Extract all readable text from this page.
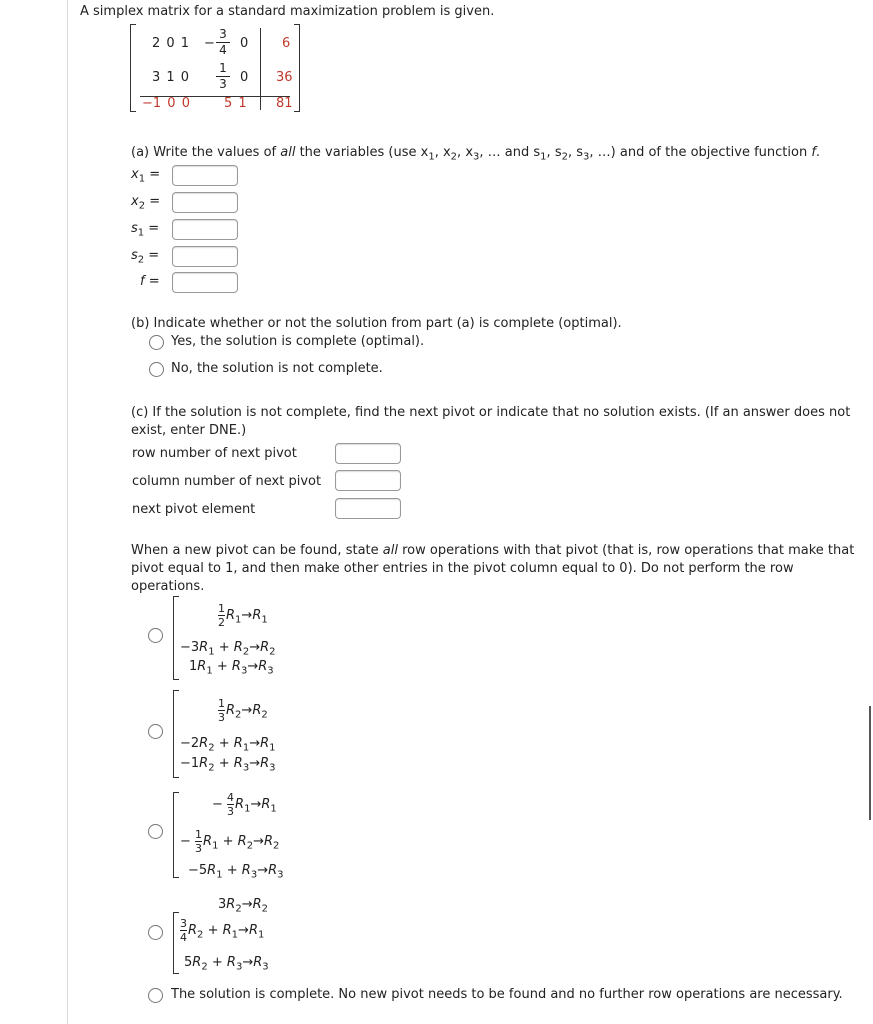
A simplex matrix for a standard maximization problem is given.
2 0 1 −
3
4 0	6
3 1 0
1
3 0 36
−1 0 0	5 1 81
(a) Write the values of all the variables (use $x_1$, $x_2$, $x_3$, … and $s_1$, $s_2$, $s_3$, …) and of the objective function f.
$x_1$ =
$x_2$ =
$s_1$ =
$s_2$ =
f =
(b) Indicate whether or not the solution from part (a) is complete (optimal).
Yes, the solution is complete (optimal).
No, the solution is not complete.
(c) If the solution is not complete, find the next pivot or indicate that no solution exists. (If an answer does not
exist, enter DNE.)
row number of next pivot
column number of next pivot
next pivot element
When a new pivot can be found, state all row operations with that pivot (that is, row operations that make that
pivot equal to 1, and then make other entries in the pivot column equal to 0). Do not perform the row
operations.
$\frac{1}{2}R_1\to R_1$
$-3R_1 + R_2\to R_2$
$1R_1 + R_3\to R_3$
$\frac{1}{3}R_2\to R_2$
$-2R_2 + R_1\to R_1$
$-1R_2 + R_3\to R_3$
− $\frac{4}{3}R_1\to R_1$
− $\frac{1}{3}R_1 + R_2\to R_2$
$-5R_1 + R_3\to R_3$
$3R_2\to R_2$
$\frac{3}{4}R_2 + R_1\to R_1$
$5R_2 + R_3\to R_3$
The solution is complete. No new pivot needs to be found and no further row operations are necessary.
